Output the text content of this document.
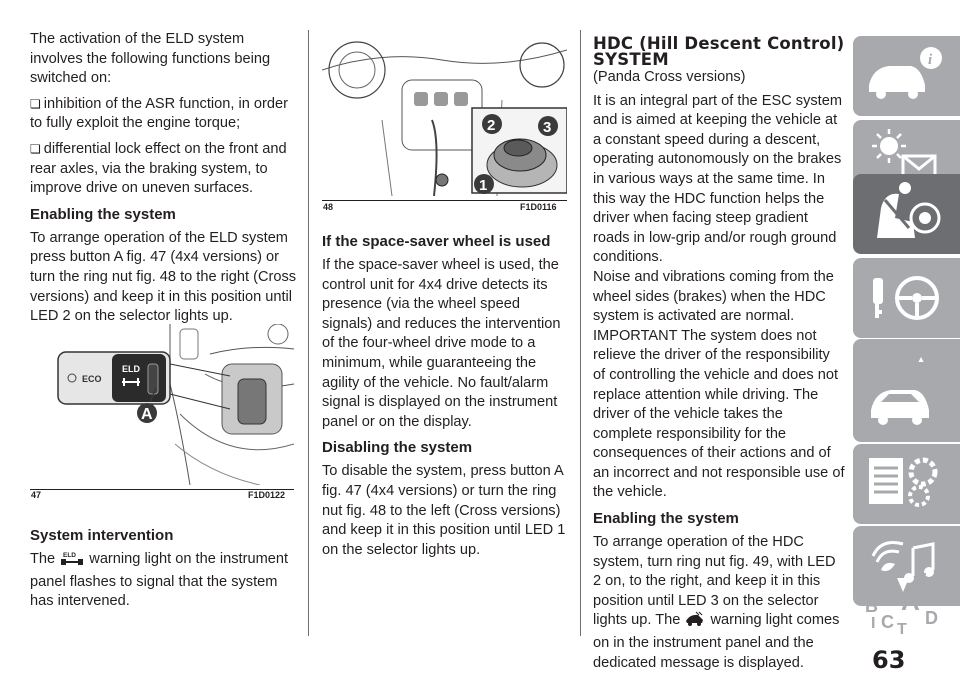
The activation of the ELD system involves the following functions being switched on:

❏ inhibition of the ASR function, in order to fully exploit the engine torque;

❏ differential lock effect on the front and rear axles, via the braking system, to improve drive on uneven surfaces.

Enabling the system

To arrange operation of the ELD system press button A fig. 47 (4x4 versions) or turn the ring nut fig. 48 to the right (Cross versions) and keep it in this position until LED 2 on the selector lights up.

ECO
ELD
A
47	F1D0122
System intervention

The ELD warning light on the instrument panel flashes to signal that the system has intervened.

2	3
1
48	F1D0116
If the space-saver wheel is used

If the space-saver wheel is used, the control unit for 4x4 drive detects its presence (via the wheel speed signals) and reduces the intervention of the four-wheel drive mode to a minimum, while guaranteeing the agility of the vehicle. No fault/alarm signal is displayed on the instrument panel or on the display.

Disabling the system

To disable the system, press button A fig. 47 (4x4 versions) or turn the ring nut fig. 48 to the left (Cross versions) and keep it in this position until LED 1 on the selector lights up.

HDC (Hill Descent Control) SYSTEM

(Panda Cross versions)

It is an integral part of the ESC system and is aimed at keeping the vehicle at a constant speed during a descent, operating autonomously on the brakes in various ways at the same time. In this way the HDC function helps the driver when facing steep gradient roads in low-grip and/or rough ground conditions.

Noise and vibrations coming from the wheel sides (brakes) when the HDC system is activated are normal.

IMPORTANT The system does not relieve the driver of the responsibility of controlling the vehicle and does not replace attention while driving. The driver of the vehicle takes the complete responsibility for the consequences of their actions and of an incorrect and not responsible use of the vehicle.

Enabling the system

To arrange operation of the HDC system, turn ring nut fig. 49, with LED 2 on, to the right, and keep it in this position until LED 3 on the selector lights up. The warning light comes on in the instrument panel and the dedicated message is displayed.

i
Z E
A
B
C D
I T
63
